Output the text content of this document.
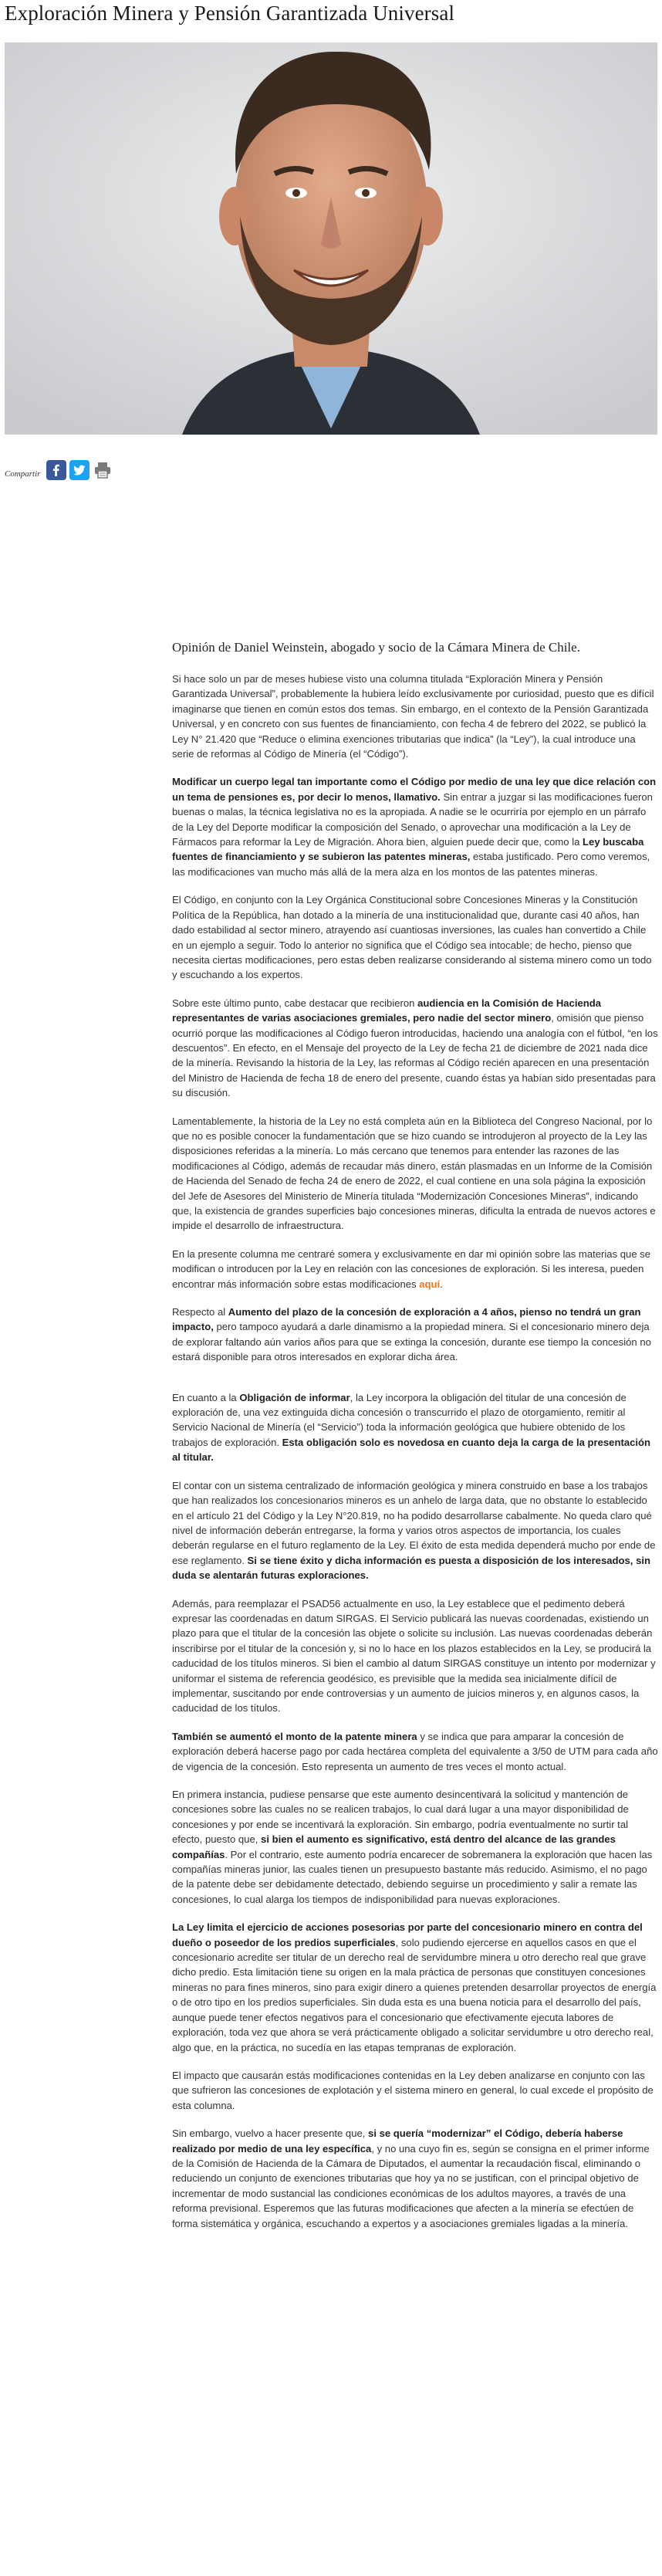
Exploración Minera y Pensión Garantizada Universal
Compartir

Opinión de Daniel Weinstein, abogado y socio de la Cámara Minera de Chile.

Si hace solo un par de meses hubiese visto una columna titulada “Exploración Minera y Pensión Garantizada Universal”, probablemente la hubiera leído exclusivamente por curiosidad, puesto que es difícil imaginarse que tienen en común estos dos temas. Sin embargo, en el contexto de la Pensión Garantizada Universal, y en concreto con sus fuentes de financiamiento, con fecha 4 de febrero del 2022, se publicó la Ley N° 21.420 que “Reduce o elimina exenciones tributarias que indica” (la “Ley”), la cual introduce una serie de reformas al Código de Minería (el “Código”).

Modificar un cuerpo legal tan importante como el Código por medio de una ley que dice relación con un tema de pensiones es, por decir lo menos, llamativo. Sin entrar a juzgar si las modificaciones fueron buenas o malas, la técnica legislativa no es la apropiada. A nadie se le ocurriría por ejemplo en un párrafo de la Ley del Deporte modificar la composición del Senado, o aprovechar una modificación a la Ley de Fármacos para reformar la Ley de Migración. Ahora bien, alguien puede decir que, como la Ley buscaba fuentes de financiamiento y se subieron las patentes mineras, estaba justificado. Pero como veremos, las modificaciones van mucho más allá de la mera alza en los montos de las patentes mineras.

El Código, en conjunto con la Ley Orgánica Constitucional sobre Concesiones Mineras y la Constitución Política de la República, han dotado a la minería de una institucionalidad que, durante casi 40 años, han dado estabilidad al sector minero, atrayendo así cuantiosas inversiones, las cuales han convertido a Chile en un ejemplo a seguir. Todo lo anterior no significa que el Código sea intocable; de hecho, pienso que necesita ciertas modificaciones, pero estas deben realizarse considerando al sistema minero como un todo y escuchando a los expertos.

Sobre este último punto, cabe destacar que recibieron audiencia en la Comisión de Hacienda representantes de varias asociaciones gremiales, pero nadie del sector minero, omisión que pienso ocurrió porque las modificaciones al Código fueron introducidas, haciendo una analogía con el fútbol, “en los descuentos”. En efecto, en el Mensaje del proyecto de la Ley de fecha 21 de diciembre de 2021 nada dice de la minería. Revisando la historia de la Ley, las reformas al Código recién aparecen en una presentación del Ministro de Hacienda de fecha 18 de enero del presente, cuando éstas ya habían sido presentadas para su discusión.

Lamentablemente, la historia de la Ley no está completa aún en la Biblioteca del Congreso Nacional, por lo que no es posible conocer la fundamentación que se hizo cuando se introdujeron al proyecto de la Ley las disposiciones referidas a la minería. Lo más cercano que tenemos para entender las razones de las modificaciones al Código, además de recaudar más dinero, están plasmadas en un Informe de la Comisión de Hacienda del Senado de fecha 24 de enero de 2022, el cual contiene en una sola página la exposición del Jefe de Asesores del Ministerio de Minería titulada “Modernización Concesiones Mineras”, indicando que, la existencia de grandes superficies bajo concesiones mineras, dificulta la entrada de nuevos actores e impide el desarrollo de infraestructura.

En la presente columna me centraré somera y exclusivamente en dar mi opinión sobre las materias que se modifican o introducen por la Ley en relación con las concesiones de exploración. Si les interesa, pueden encontrar más información sobre estas modificaciones aquí.

Respecto al Aumento del plazo de la concesión de exploración a 4 años, pienso no tendrá un gran impacto, pero tampoco ayudará a darle dinamismo a la propiedad minera. Si el concesionario minero deja de explorar faltando aún varios años para que se extinga la concesión, durante ese tiempo la concesión no estará disponible para otros interesados en explorar dicha área.

En cuanto a la Obligación de informar, la Ley incorpora la obligación del titular de una concesión de exploración de, una vez extinguida dicha concesión o transcurrido el plazo de otorgamiento, remitir al Servicio Nacional de Minería (el “Servicio”) toda la información geológica que hubiere obtenido de los trabajos de exploración. Esta obligación solo es novedosa en cuanto deja la carga de la presentación al titular.

El contar con un sistema centralizado de información geológica y minera construido en base a los trabajos que han realizados los concesionarios mineros es un anhelo de larga data, que no obstante lo establecido en el artículo 21 del Código y la Ley N°20.819, no ha podido desarrollarse cabalmente. No queda claro qué nivel de información deberán entregarse, la forma y varios otros aspectos de importancia, los cuales deberán regularse en el futuro reglamento de la Ley. El éxito de esta medida dependerá mucho por ende de ese reglamento. Si se tiene éxito y dicha información es puesta a disposición de los interesados, sin duda se alentarán futuras exploraciones.

Además, para reemplazar el PSAD56 actualmente en uso, la Ley establece que el pedimento deberá expresar las coordenadas en datum SIRGAS. El Servicio publicará las nuevas coordenadas, existiendo un plazo para que el titular de la concesión las objete o solicite su inclusión. Las nuevas coordenadas deberán inscribirse por el titular de la concesión y, si no lo hace en los plazos establecidos en la Ley, se producirá la caducidad de los títulos mineros. Si bien el cambio al datum SIRGAS constituye un intento por modernizar y uniformar el sistema de referencia geodésico, es previsible que la medida sea inicialmente difícil de implementar, suscitando por ende controversias y un aumento de juicios mineros y, en algunos casos, la caducidad de los títulos.

También se aumentó el monto de la patente minera y se indica que para amparar la concesión de exploración deberá hacerse pago por cada hectárea completa del equivalente a 3/50 de UTM para cada año de vigencia de la concesión. Esto representa un aumento de tres veces el monto actual.

En primera instancia, pudiese pensarse que este aumento desincentivará la solicitud y mantención de concesiones sobre las cuales no se realicen trabajos, lo cual dará lugar a una mayor disponibilidad de concesiones y por ende se incentivará la exploración. Sin embargo, podría eventualmente no surtir tal efecto, puesto que, si bien el aumento es significativo, está dentro del alcance de las grandes compañías. Por el contrario, este aumento podría encarecer de sobremanera la exploración que hacen las compañías mineras junior, las cuales tienen un presupuesto bastante más reducido. Asimismo, el no pago de la patente debe ser debidamente detectado, debiendo seguirse un procedimiento y salir a remate las concesiones, lo cual alarga los tiempos de indisponibilidad para nuevas exploraciones.

La Ley limita el ejercicio de acciones posesorias por parte del concesionario minero en contra del dueño o poseedor de los predios superficiales, solo pudiendo ejercerse en aquellos casos en que el concesionario acredite ser titular de un derecho real de servidumbre minera u otro derecho real que grave dicho predio. Esta limitación tiene su origen en la mala práctica de personas que constituyen concesiones mineras no para fines mineros, sino para exigir dinero a quienes pretenden desarrollar proyectos de energía o de otro tipo en los predios superficiales. Sin duda esta es una buena noticia para el desarrollo del país, aunque puede tener efectos negativos para el concesionario que efectivamente ejecuta labores de exploración, toda vez que ahora se verá prácticamente obligado a solicitar servidumbre u otro derecho real, algo que, en la práctica, no sucedía en las etapas tempranas de exploración.

El impacto que causarán estás modificaciones contenidas en la Ley deben analizarse en conjunto con las que sufrieron las concesiones de explotación y el sistema minero en general, lo cual excede el propósito de esta columna.

Sin embargo, vuelvo a hacer presente que, si se quería “modernizar” el Código, debería haberse realizado por medio de una ley específica, y no una cuyo fin es, según se consigna en el primer informe de la Comisión de Hacienda de la Cámara de Diputados, el aumentar la recaudación fiscal, eliminando o reduciendo un conjunto de exenciones tributarias que hoy ya no se justifican, con el principal objetivo de incrementar de modo sustancial las condiciones económicas de los adultos mayores, a través de una reforma previsional. Esperemos que las futuras modificaciones que afecten a la minería se efectúen de forma sistemática y orgánica, escuchando a expertos y a asociaciones gremiales ligadas a la minería.
